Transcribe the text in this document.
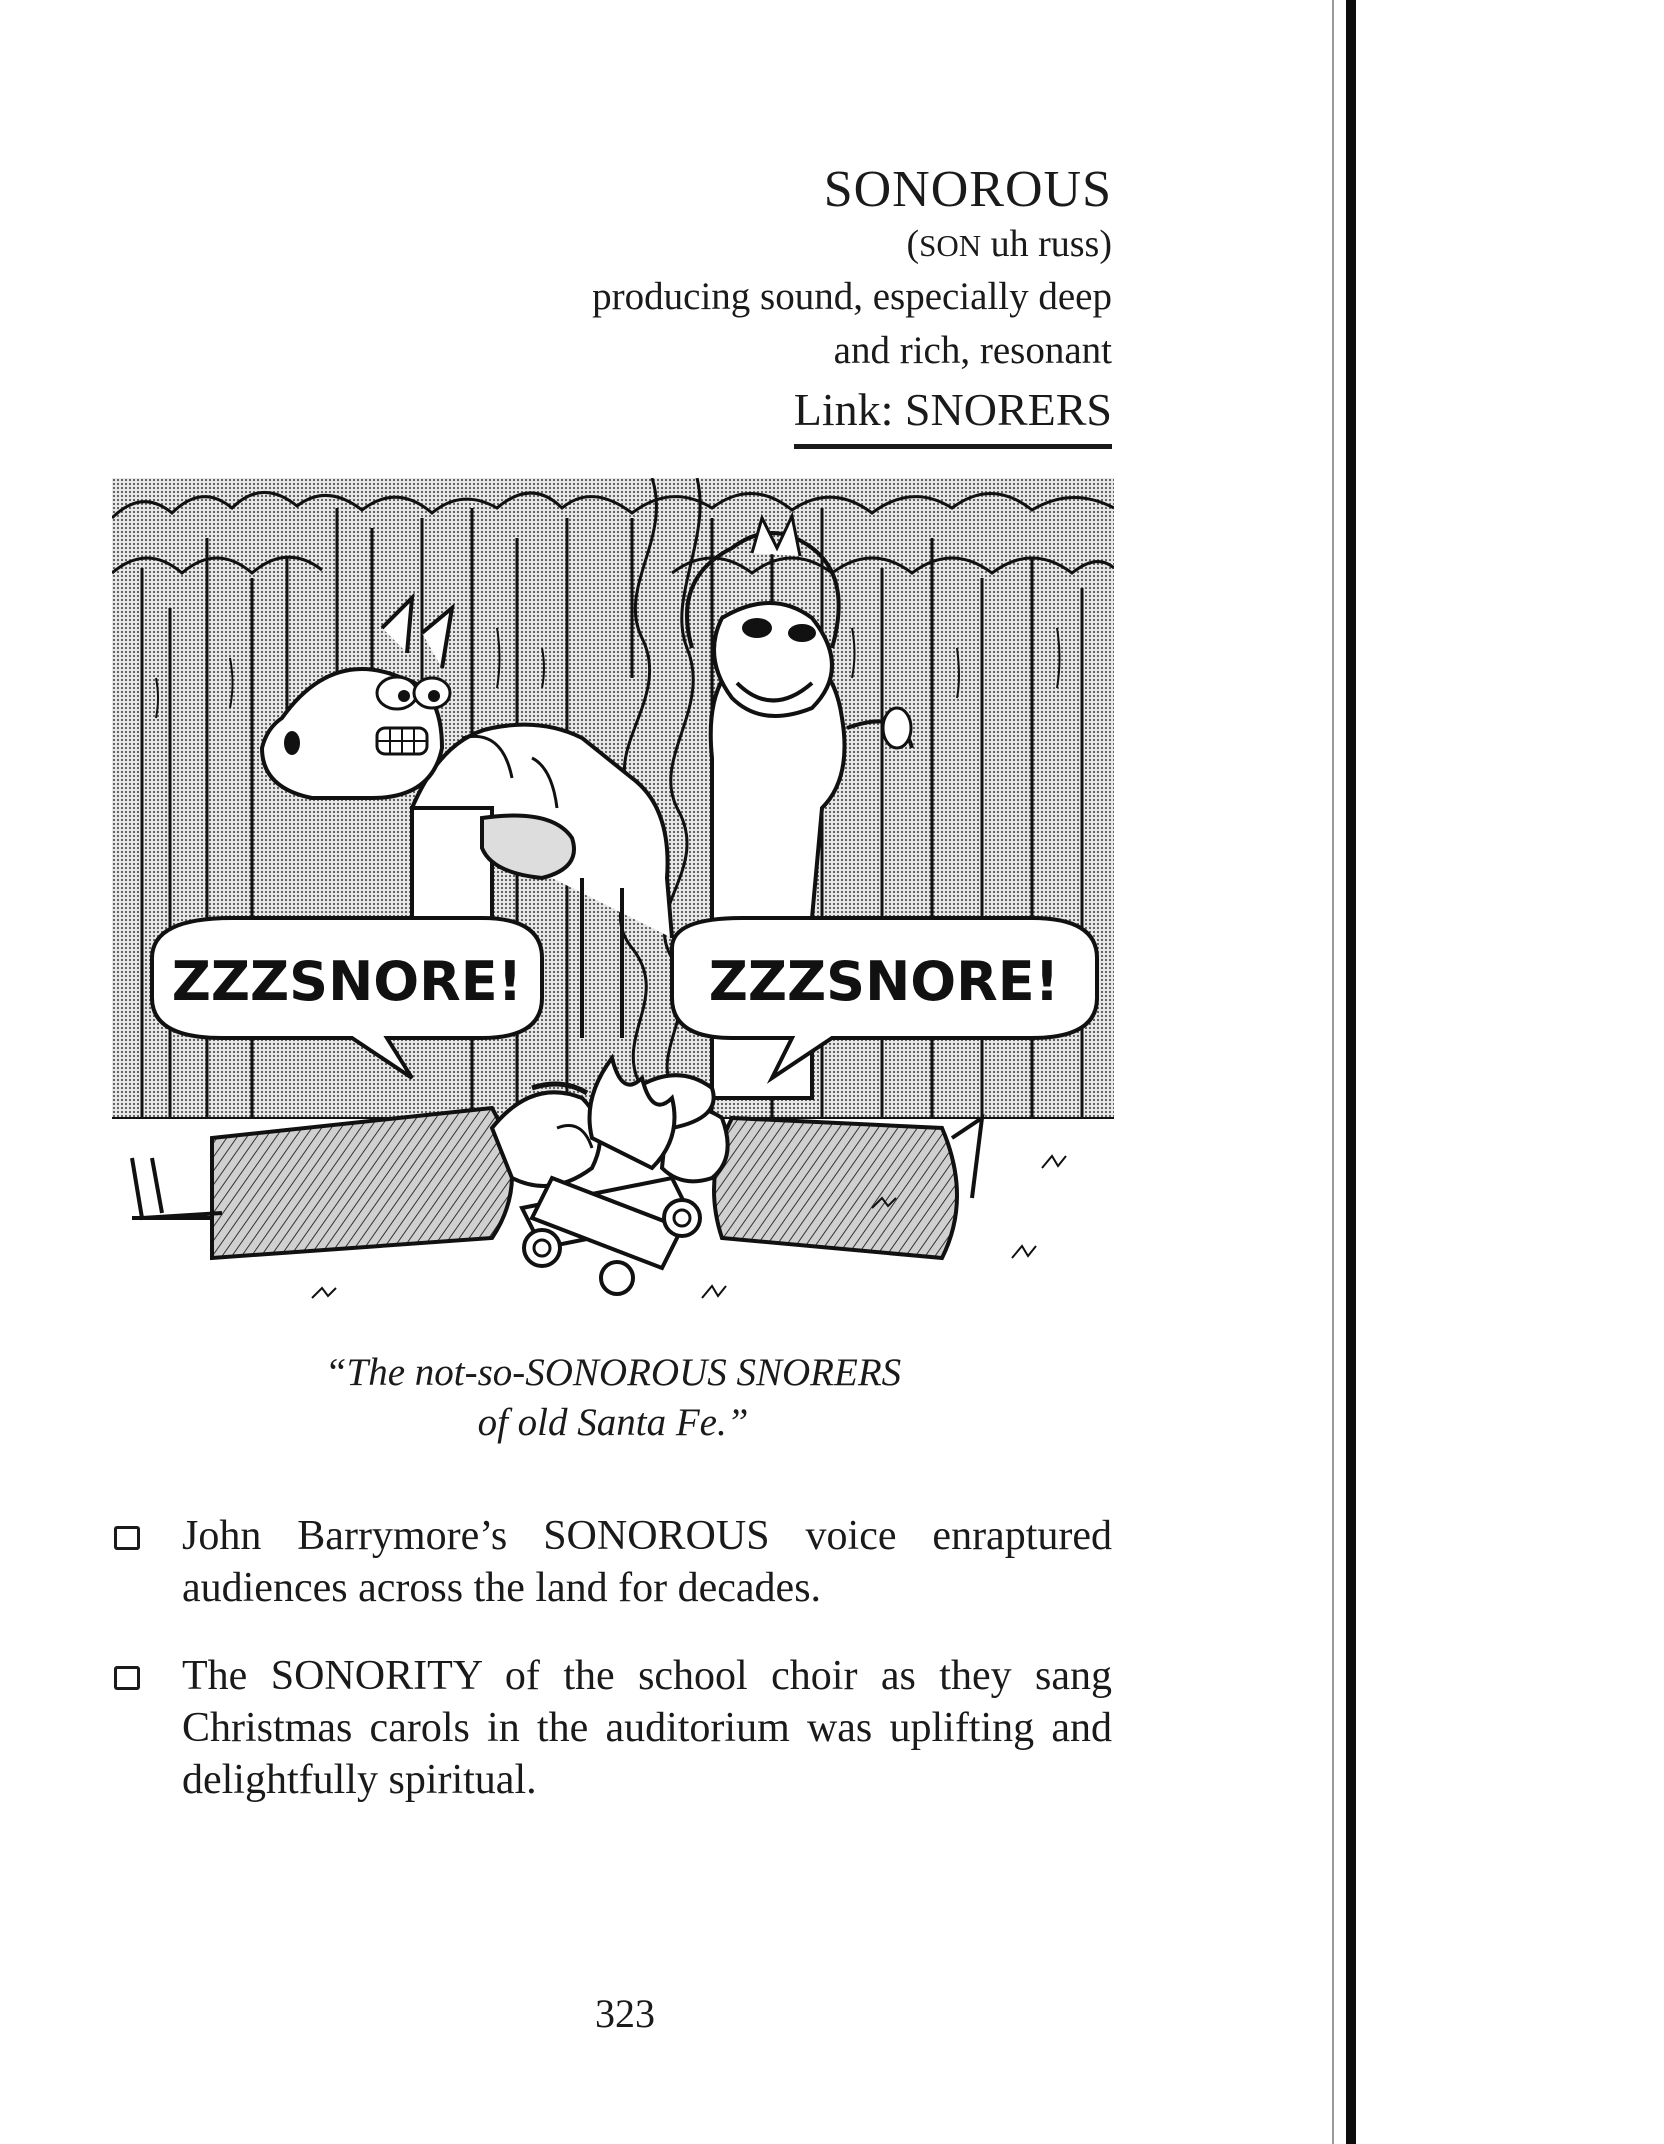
SONOROUS
(SON uh russ)
producing sound, especially deep
and rich, resonant
Link: SNORERS
ZZZSNORE!	ZZZSNORE!
“The not-so-SONOROUS SNORERS
of old Santa Fe.”
John Barrymore’s SONOROUS voice enraptured audiences across the land for decades.
The SONORITY of the school choir as they sang Christmas carols in the auditorium was uplifting and delightfully spiritual.
323
